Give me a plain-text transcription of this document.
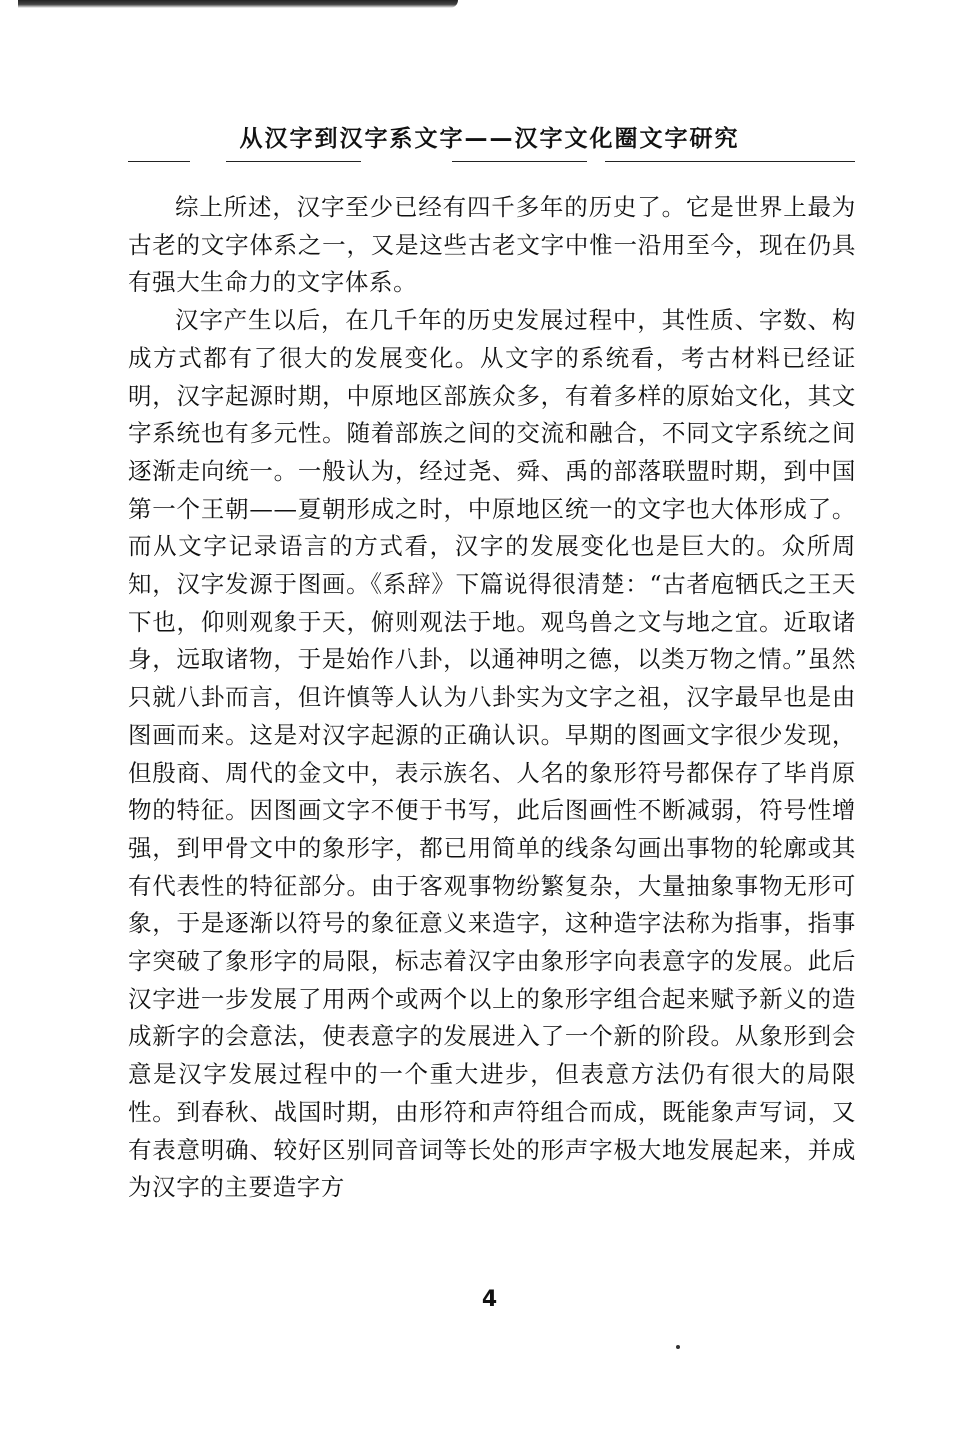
从汉字到汉字系文字——汉字文化圈文字研究

综上所述，汉字至少已经有四千多年的历史了。它是世界上最为古老的文字体系之一，又是这些古老文字中惟一沿用至今，现在仍具有强大生命力的文字体系。

汉字产生以后，在几千年的历史发展过程中，其性质、字数、构成方式都有了很大的发展变化。从文字的系统看，考古材料已经证明，汉字起源时期，中原地区部族众多，有着多样的原始文化，其文字系统也有多元性。随着部族之间的交流和融合，不同文字系统之间逐渐走向统一。一般认为，经过尧、舜、禹的部落联盟时期，到中国第一个王朝——夏朝形成之时，中原地区统一的文字也大体形成了。而从文字记录语言的方式看，汉字的发展变化也是巨大的。众所周知，汉字发源于图画。《系辞》下篇说得很清楚：“古者庖牺氏之王天下也，仰则观象于天，俯则观法于地。观鸟兽之文与地之宜。近取诸身，远取诸物，于是始作八卦，以通神明之德，以类万物之情。”虽然只就八卦而言，但许慎等人认为八卦实为文字之祖，汉字最早也是由图画而来。这是对汉字起源的正确认识。早期的图画文字很少发现，但殷商、周代的金文中，表示族名、人名的象形符号都保存了毕肖原物的特征。因图画文字不便于书写，此后图画性不断减弱，符号性增强，到甲骨文中的象形字，都已用简单的线条勾画出事物的轮廓或其有代表性的特征部分。由于客观事物纷繁复杂，大量抽象事物无形可象，于是逐渐以符号的象征意义来造字，这种造字法称为指事，指事字突破了象形字的局限，标志着汉字由象形字向表意字的发展。此后汉字进一步发展了用两个或两个以上的象形字组合起来赋予新义的造成新字的会意法，使表意字的发展进入了一个新的阶段。从象形到会意是汉字发展过程中的一个重大进步，但表意方法仍有很大的局限性。到春秋、战国时期，由形符和声符组合而成，既能象声写词，又有表意明确、较好区别同音词等长处的形声字极大地发展起来，并成为汉字的主要造字方

4
